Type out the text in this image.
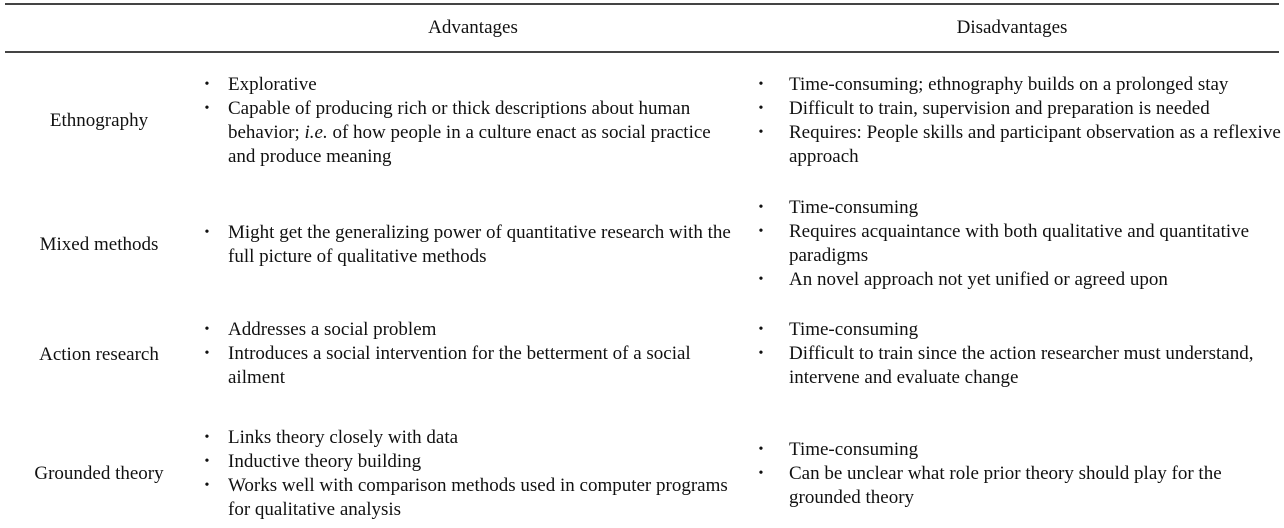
Advantages	Disadvantages
Ethnography
• Explorative
• Capable of producing rich or thick descriptions about human behavior; i.e. of how people in a culture enact as social practice and produce meaning
• Time-consuming; ethnography builds on a prolonged stay
• Difficult to train, supervision and preparation is needed
• Requires: People skills and participant observation as a reflexive approach
Mixed methods
• Might get the generalizing power of quantitative research with the full picture of qualitative methods
• Time-consuming
• Requires acquaintance with both qualitative and quantitative paradigms
• An novel approach not yet unified or agreed upon
Action research
• Addresses a social problem
• Introduces a social intervention for the betterment of a social ailment
• Time-consuming
• Difficult to train since the action researcher must understand, intervene and evaluate change
Grounded theory
• Links theory closely with data
• Inductive theory building
• Works well with comparison methods used in computer programs for qualitative analysis
• Time-consuming
• Can be unclear what role prior theory should play for the grounded theory
